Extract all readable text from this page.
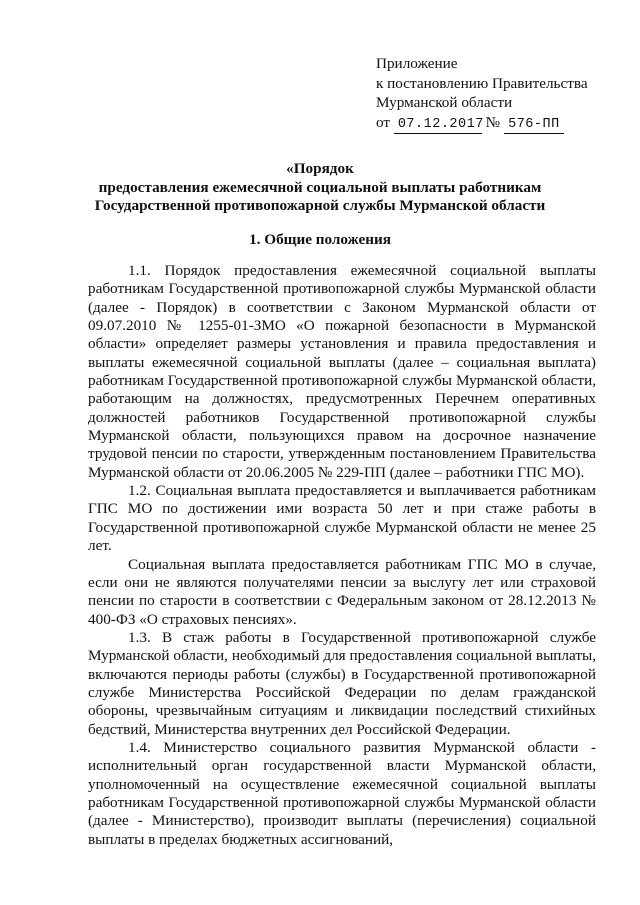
Приложение
к постановлению Правительства
Мурманской области
от 07.12.2017 № 576-ПП
«Порядок
предоставления ежемесячной социальной выплаты работникам
Государственной противопожарной службы Мурманской области
1. Общие положения

1.1. Порядок предоставления ежемесячной социальной выплаты работникам Государственной противопожарной службы Мурманской области (далее - Порядок) в соответствии с Законом Мурманской области от 09.07.2010 № 1255-01-ЗМО «О пожарной безопасности в Мурманской области» определяет размеры установления и правила предоставления и выплаты ежемесячной социальной выплаты (далее – социальная выплата) работникам Государственной противопожарной службы Мурманской области, работающим на должностях, предусмотренных Перечнем оперативных должностей работников Государственной противопожарной службы Мурманской области, пользующихся правом на досрочное назначение трудовой пенсии по старости, утвержденным постановлением Правительства Мурманской области от 20.06.2005 № 229-ПП (далее – работники ГПС МО).

1.2. Социальная выплата предоставляется и выплачивается работникам ГПС МО по достижении ими возраста 50 лет и при стаже работы в Государственной противопожарной службе Мурманской области не менее 25 лет.

Социальная выплата предоставляется работникам ГПС МО в случае, если они не являются получателями пенсии за выслугу лет или страховой пенсии по старости в соответствии с Федеральным законом от 28.12.2013 № 400-ФЗ «О страховых пенсиях».

1.3. В стаж работы в Государственной противопожарной службе Мурманской области, необходимый для предоставления социальной выплаты, включаются периоды работы (службы) в Государственной противопожарной службе Министерства Российской Федерации по делам гражданской обороны, чрезвычайным ситуациям и ликвидации последствий стихийных бедствий, Министерства внутренних дел Российской Федерации.

1.4. Министерство социального развития Мурманской области - исполнительный орган государственной власти Мурманской области, уполномоченный на осуществление ежемесячной социальной выплаты работникам Государственной противопожарной службы Мурманской области (далее - Министерство), производит выплаты (перечисления) социальной выплаты в пределах бюджетных ассигнований,
